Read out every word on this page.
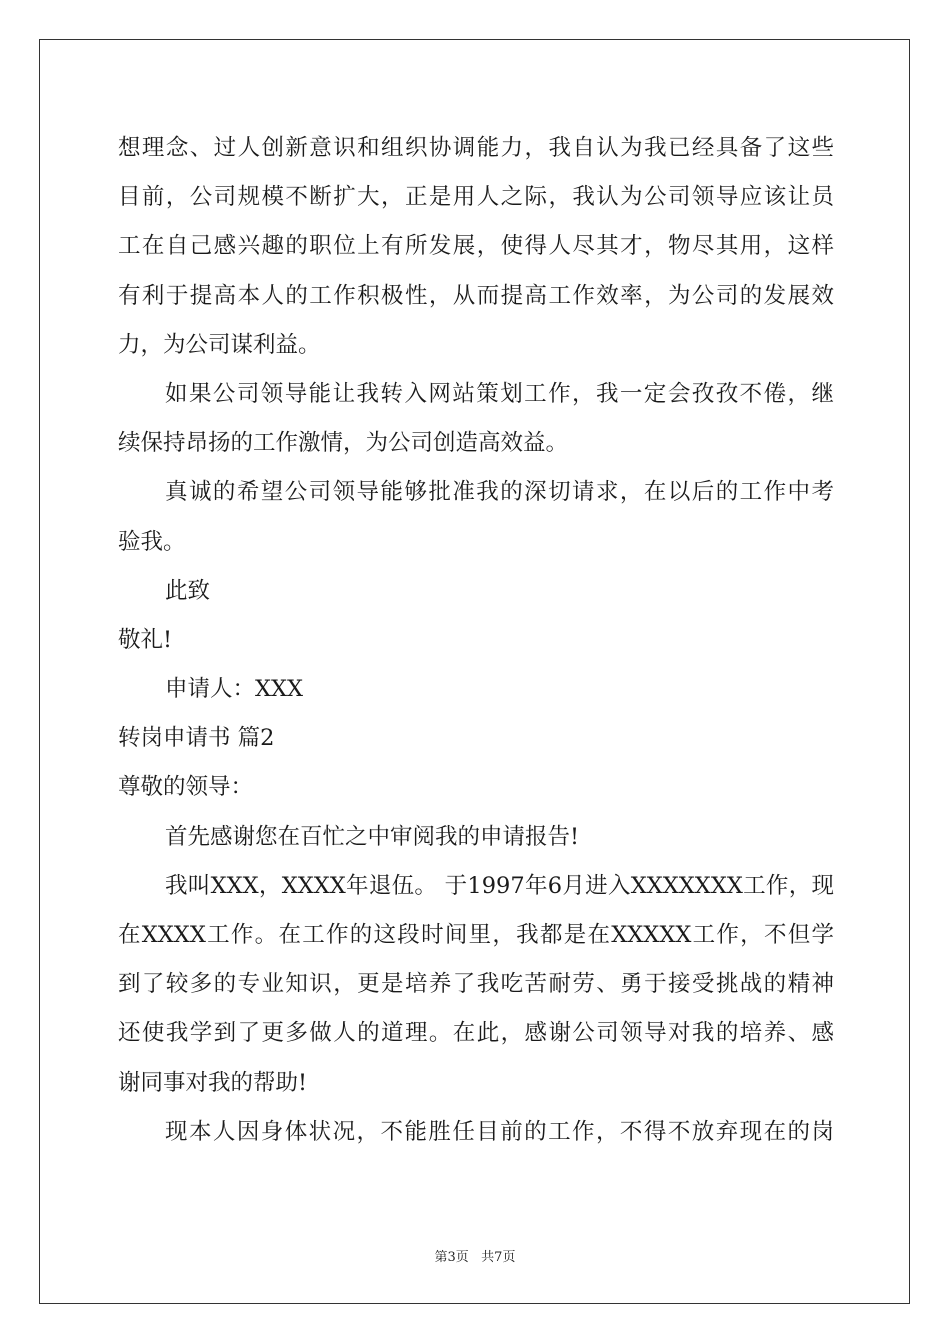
想理念、过人创新意识和组织协调能力，我自认为我已经具备了这些
目前，公司规模不断扩大，正是用人之际，我认为公司领导应该让员
工在自己感兴趣的职位上有所发展，使得人尽其才，物尽其用，这样
有利于提高本人的工作积极性，从而提高工作效率，为公司的发展效
力，为公司谋利益。
如果公司领导能让我转入网站策划工作，我一定会孜孜不倦，继
续保持昂扬的工作激情，为公司创造高效益。
真诚的希望公司领导能够批准我的深切请求，在以后的工作中考
验我。
此致
敬礼!
申请人：XXX
转岗申请书 篇2
尊敬的领导：
首先感谢您在百忙之中审阅我的申请报告!
我叫XXX，XXXX年退伍。 于1997年6月进入XXXXXXX工作，现
在XXXX工作。在工作的这段时间里，我都是在XXXXX工作，不但学
到了较多的专业知识，更是培养了我吃苦耐劳、勇于接受挑战的精神
还使我学到了更多做人的道理。在此，感谢公司领导对我的培养、感
谢同事对我的帮助!
现本人因身体状况，不能胜任目前的工作，不得不放弃现在的岗
第3页   共7页
